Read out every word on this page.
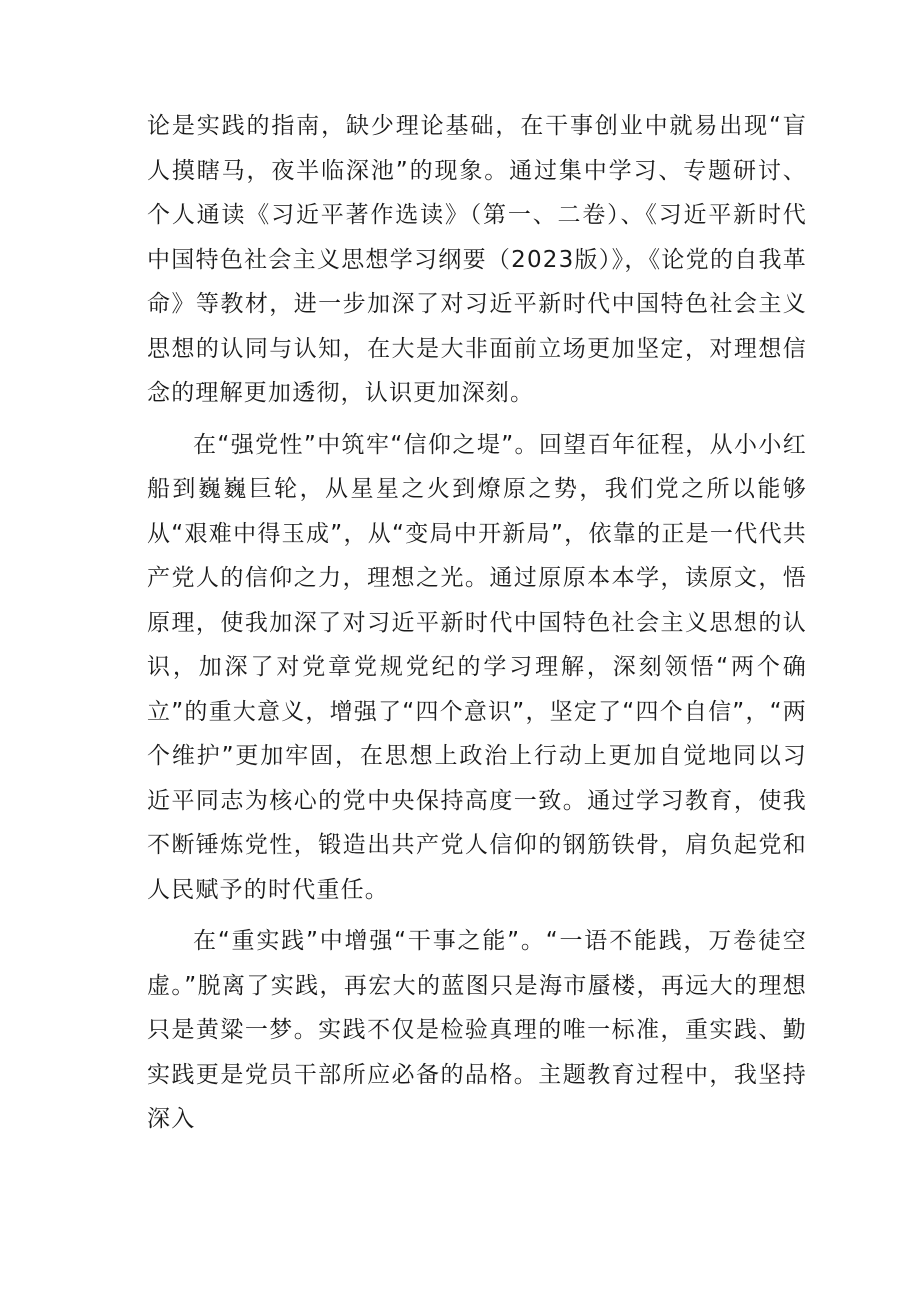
论是实践的指南，缺少理论基础，在干事创业中就易出现“盲人摸瞎马，夜半临深池”的现象。通过集中学习、专题研讨、个人通读《习近平著作选读》（第一、二卷）、《习近平新时代中国特色社会主义思想学习纲要（2023版）》，《论党的自我革命》等教材，进一步加深了对习近平新时代中国特色社会主义思想的认同与认知，在大是大非面前立场更加坚定，对理想信念的理解更加透彻，认识更加深刻。

在“强党性”中筑牢“信仰之堤”。回望百年征程，从小小红船到巍巍巨轮，从星星之火到燎原之势，我们党之所以能够从“艰难中得玉成”，从“变局中开新局”，依靠的正是一代代共产党人的信仰之力，理想之光。通过原原本本学，读原文，悟原理，使我加深了对习近平新时代中国特色社会主义思想的认识，加深了对党章党规党纪的学习理解，深刻领悟“两个确立”的重大意义，增强了“四个意识”，坚定了“四个自信”，“两个维护”更加牢固，在思想上政治上行动上更加自觉地同以习近平同志为核心的党中央保持高度一致。通过学习教育，使我不断锤炼党性，锻造出共产党人信仰的钢筋铁骨，肩负起党和人民赋予的时代重任。

在“重实践”中增强“干事之能”。“一语不能践，万卷徒空虚。”脱离了实践，再宏大的蓝图只是海市蜃楼，再远大的理想只是黄粱一梦。实践不仅是检验真理的唯一标准，重实践、勤实践更是党员干部所应必备的品格。主题教育过程中，我坚持深入
